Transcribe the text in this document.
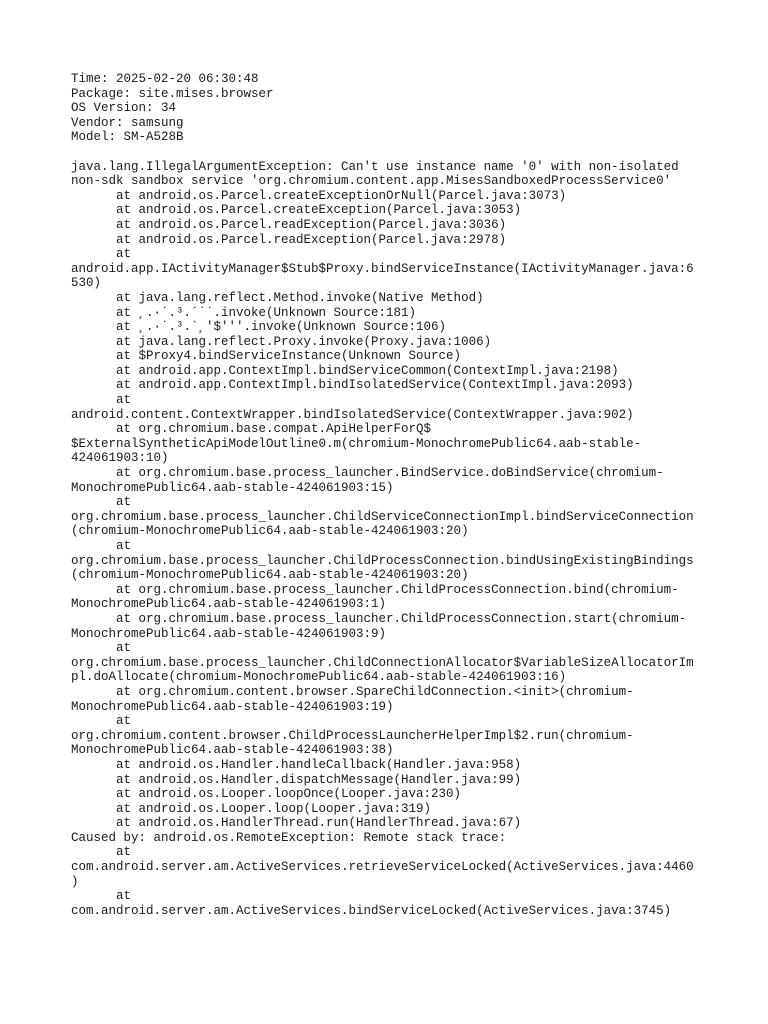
Time: 2025-02-20 06:30:48
Package: site.mises.browser
OS Version: 34
Vendor: samsung
Model: SM-A528B
java.lang.IllegalArgumentException: Can't use instance name '0' with non-isolated
non-sdk sandbox service 'org.chromium.content.app.MisesSandboxedProcessService0'
at android.os.Parcel.createExceptionOrNull(Parcel.java:3073)
at android.os.Parcel.createException(Parcel.java:3053)
at android.os.Parcel.readException(Parcel.java:3036)
at android.os.Parcel.readException(Parcel.java:2978)
at
android.app.IActivityManager$Stub$Proxy.bindServiceInstance(IActivityManager.java:6
530)
at java.lang.reflect.Method.invoke(Native Method)
at ¸.·˙.³.´˙˙.invoke(Unknown Source:181)
at ¸.·˙.³.`¸'$'''.invoke(Unknown Source:106)
at java.lang.reflect.Proxy.invoke(Proxy.java:1006)
at $Proxy4.bindServiceInstance(Unknown Source)
at android.app.ContextImpl.bindServiceCommon(ContextImpl.java:2198)
at android.app.ContextImpl.bindIsolatedService(ContextImpl.java:2093)
at
android.content.ContextWrapper.bindIsolatedService(ContextWrapper.java:902)
at org.chromium.base.compat.ApiHelperForQ$
$ExternalSyntheticApiModelOutline0.m(chromium-MonochromePublic64.aab-stable-
424061903:10)
at org.chromium.base.process_launcher.BindService.doBindService(chromium-
MonochromePublic64.aab-stable-424061903:15)
at
org.chromium.base.process_launcher.ChildServiceConnectionImpl.bindServiceConnection
(chromium-MonochromePublic64.aab-stable-424061903:20)
at
org.chromium.base.process_launcher.ChildProcessConnection.bindUsingExistingBindings
(chromium-MonochromePublic64.aab-stable-424061903:20)
at org.chromium.base.process_launcher.ChildProcessConnection.bind(chromium-
MonochromePublic64.aab-stable-424061903:1)
at org.chromium.base.process_launcher.ChildProcessConnection.start(chromium-
MonochromePublic64.aab-stable-424061903:9)
at
org.chromium.base.process_launcher.ChildConnectionAllocator$VariableSizeAllocatorIm
pl.doAllocate(chromium-MonochromePublic64.aab-stable-424061903:16)
at org.chromium.content.browser.SpareChildConnection.<init>(chromium-
MonochromePublic64.aab-stable-424061903:19)
at
org.chromium.content.browser.ChildProcessLauncherHelperImpl$2.run(chromium-
MonochromePublic64.aab-stable-424061903:38)
at android.os.Handler.handleCallback(Handler.java:958)
at android.os.Handler.dispatchMessage(Handler.java:99)
at android.os.Looper.loopOnce(Looper.java:230)
at android.os.Looper.loop(Looper.java:319)
at android.os.HandlerThread.run(HandlerThread.java:67)
Caused by: android.os.RemoteException: Remote stack trace:
at
com.android.server.am.ActiveServices.retrieveServiceLocked(ActiveServices.java:4460
)
at
com.android.server.am.ActiveServices.bindServiceLocked(ActiveServices.java:3745)
